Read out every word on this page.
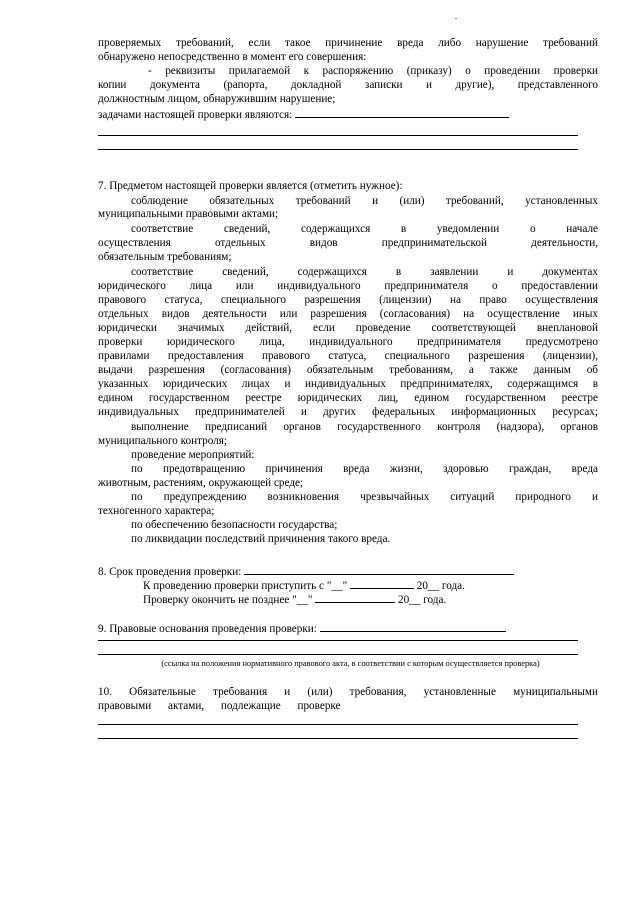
проверяемых требований, если такое причинение вреда либо нарушение требований
обнаружено непосредственно в момент его совершения:
- реквизиты прилагаемой к распоряжению (приказу) о проведении проверки
копии документа (рапорта, докладной записки и другие), представленного
должностным лицом, обнаружившим нарушение;
задачами настоящей проверки являются:
7. Предметом настоящей проверки является (отметить нужное):
соблюдение обязательных требований и (или) требований, установленных
муниципальными правовыми актами;
соответствие сведений, содержащихся в уведомлении о начале
осуществления отдельных видов предпринимательской деятельности,
обязательным требованиям;
соответствие сведений, содержащихся в заявлении и документах
юридического лица или индивидуального предпринимателя о предоставлении
правового статуса, специального разрешения (лицензии) на право осуществления
отдельных видов деятельности или разрешения (согласования) на осуществление иных
юридически значимых действий, если проведение соответствующей внеплановой
проверки юридического лица, индивидуального предпринимателя предусмотрено
правилами предоставления правового статуса, специального разрешения (лицензии),
выдачи разрешения (согласования) обязательным требованиям, а также данным об
указанных юридических лицах и индивидуальных предпринимателях, содержащимся в
едином государственном реестре юридических лиц, едином государственном реестре
индивидуальных предпринимателей и других федеральных информационных ресурсах;
выполнение предписаний органов государственного контроля (надзора), органов
муниципального контроля;
проведение мероприятий:
по предотвращению причинения вреда жизни, здоровью граждан, вреда
животным, растениям, окружающей среде;
по предупреждению возникновения чрезвычайных ситуаций природного и
техногенного характера;
по обеспечению безопасности государства;
по ликвидации последствий причинения такого вреда.
8. Срок проведения проверки:
К проведению проверки приступить с "__"	20__ года.
Проверку окончить не позднее "__"	20__ года.
9. Правовые основания проведения проверки:
(ссылка на положения нормативного правового акта, в соответствии с которым осуществляется проверка)
10. Обязательные требования и (или) требования, установленные муниципальными
правовыми актами, подлежащие проверке
